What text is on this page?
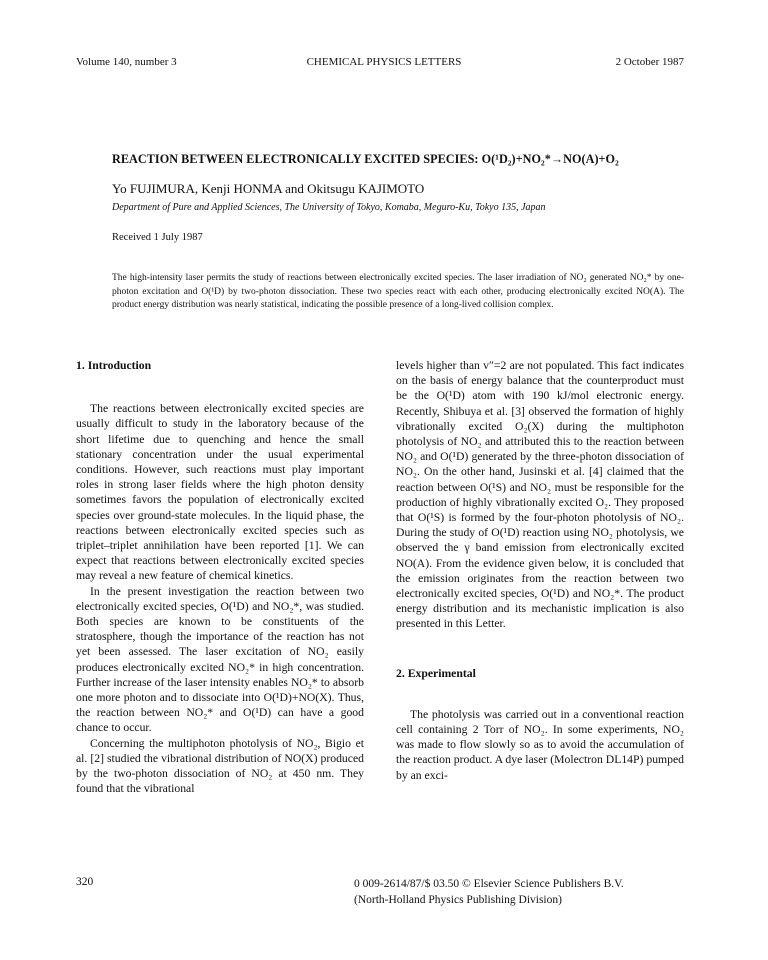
Volume 140, number 3	CHEMICAL PHYSICS LETTERS	2 October 1987
REACTION BETWEEN ELECTRONICALLY EXCITED SPECIES: O(¹D₂)+NO₂*→NO(A)+O₂
Yo FUJIMURA, Kenji HONMA and Okitsugu KAJIMOTO
Department of Pure and Applied Sciences, The University of Tokyo, Komaba, Meguro-Ku, Tokyo 135, Japan
Received 1 July 1987

The high-intensity laser permits the study of reactions between electronically excited species. The laser irradiation of NO₂ generated NO₂* by one-photon excitation and O(¹D) by two-photon dissociation. These two species react with each other, producing electronically excited NO(A). The product energy distribution was nearly statistical, indicating the possible presence of a long-lived collision complex.

1. Introduction

The reactions between electronically excited species are usually difficult to study in the laboratory because of the short lifetime due to quenching and hence the small stationary concentration under the usual experimental conditions. However, such reactions must play important roles in strong laser fields where the high photon density sometimes favors the population of electronically excited species over ground-state molecules. In the liquid phase, the reactions between electronically excited species such as triplet–triplet annihilation have been reported [1]. We can expect that reactions between electronically excited species may reveal a new feature of chemical kinetics.

In the present investigation the reaction between two electronically excited species, O(¹D) and NO₂*, was studied. Both species are known to be constituents of the stratosphere, though the importance of the reaction has not yet been assessed. The laser excitation of NO₂ easily produces electronically excited NO₂* in high concentration. Further increase of the laser intensity enables NO₂* to absorb one more photon and to dissociate into O(¹D)+NO(X). Thus, the reaction between NO₂* and O(¹D) can have a good chance to occur.

Concerning the multiphoton photolysis of NO₂, Bigio et al. [2] studied the vibrational distribution of NO(X) produced by the two-photon dissociation of NO₂ at 450 nm. They found that the vibrational

levels higher than v″=2 are not populated. This fact indicates on the basis of energy balance that the counterproduct must be the O(¹D) atom with 190 kJ/mol electronic energy. Recently, Shibuya et al. [3] observed the formation of highly vibrationally excited O₂(X) during the multiphoton photolysis of NO₂ and attributed this to the reaction between NO₂ and O(¹D) generated by the three-photon dissociation of NO₂. On the other hand, Jusinski et al. [4] claimed that the reaction between O(¹S) and NO₂ must be responsible for the production of highly vibrationally excited O₂. They proposed that O(¹S) is formed by the four-photon photolysis of NO₂. During the study of O(¹D) reaction using NO₂ photolysis, we observed the γ band emission from electronically excited NO(A). From the evidence given below, it is concluded that the emission originates from the reaction between two electronically excited species, O(¹D) and NO₂*. The product energy distribution and its mechanistic implication is also presented in this Letter.

2. Experimental

The photolysis was carried out in a conventional reaction cell containing 2 Torr of NO₂. In some experiments, NO₂ was made to flow slowly so as to avoid the accumulation of the reaction product. A dye laser (Molectron DL14P) pumped by an exci-

320	0 009-2614/87/$ 03.50 © Elsevier Science Publishers B.V.
(North-Holland Physics Publishing Division)
